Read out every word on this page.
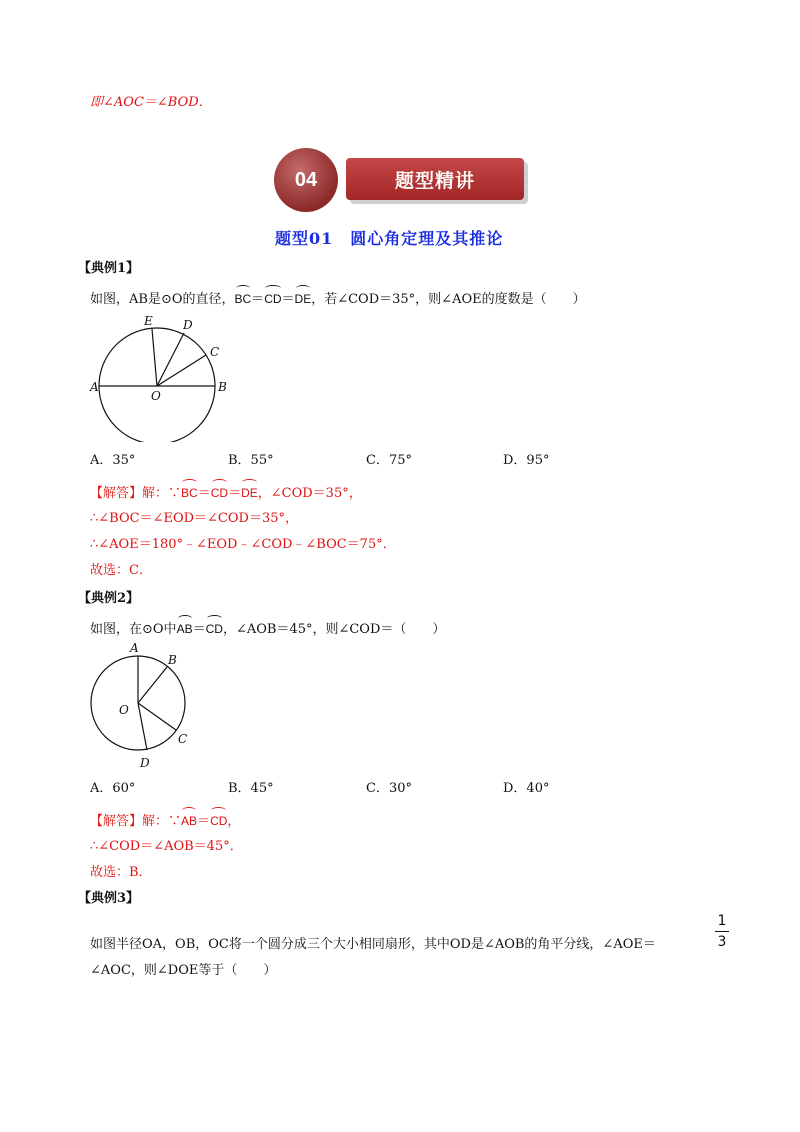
即∠AOC＝∠BOD．
04	题型精讲
题型01　圆心角定理及其推论
【典例1】
如图，AB是⊙O的直径，BC＝CD＝DE，若∠COD＝35°，则∠AOE的度数是（　　）
A	B
C
D
E
O
A．35°	B．55°	C．75°	D．95°
【解答】解：∵BC＝CD＝DE，∠COD＝35°，
∴∠BOC＝∠EOD＝∠COD＝35°，
∴∠AOE＝180°﹣∠EOD﹣∠COD﹣∠BOC＝75°．
故选：C．
【典例2】
如图，在⊙O中AB＝CD，∠AOB＝45°，则∠COD＝（　　）
A
B
C
D
O
A．60°	B．45°	C．30°	D．40°
【解答】解：∵AB＝CD，
∴∠COD＝∠AOB＝45°．
故选：B．
【典例3】
如图半径OA，OB，OC将一个圆分成三个大小相同扇形，其中OD是∠AOB的角平分线，∠AOE＝
1
3
∠AOC，则∠DOE等于（　　）
